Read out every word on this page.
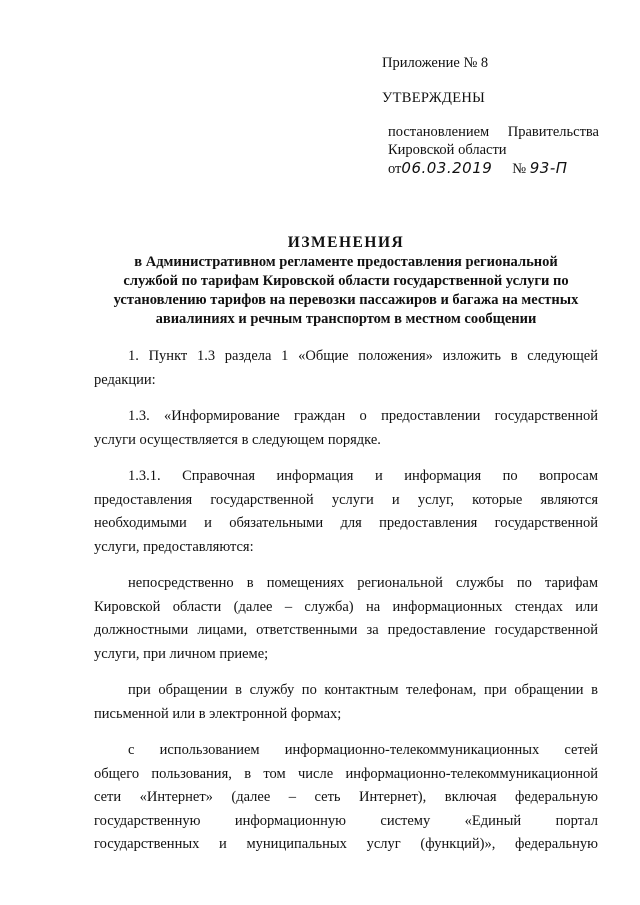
Приложение № 8
УТВЕРЖДЕНЫ
постановлением Правительства
Кировской области
от06.03.2019 № 93-П
ИЗМЕНЕНИЯ
в Административном регламенте предоставления региональной
службой по тарифам Кировской области государственной услуги по
установлению тарифов на перевозки пассажиров и багажа на местных
авиалиниях и речным транспортом в местном сообщении
1. Пункт 1.3 раздела 1 «Общие положения» изложить в следующей
редакции:
1.3. «Информирование граждан о предоставлении государственной
услуги осуществляется в следующем порядке.
1.3.1. Справочная информация и информация по вопросам
предоставления государственной услуги и услуг, которые являются
необходимыми и обязательными для предоставления государственной
услуги, предоставляются:
непосредственно в помещениях региональной службы по тарифам
Кировской области (далее – служба) на информационных стендах или
должностными лицами, ответственными за предоставление государственной
услуги, при личном приеме;
при обращении в службу по контактным телефонам, при обращении в
письменной или в электронной формах;
с использованием информационно-телекоммуникационных сетей
общего пользования, в том числе информационно-телекоммуникационной
сети «Интернет» (далее – сеть Интернет), включая федеральную
государственную информационную систему «Единый портал
государственных и муниципальных услуг (функций)», федеральную
